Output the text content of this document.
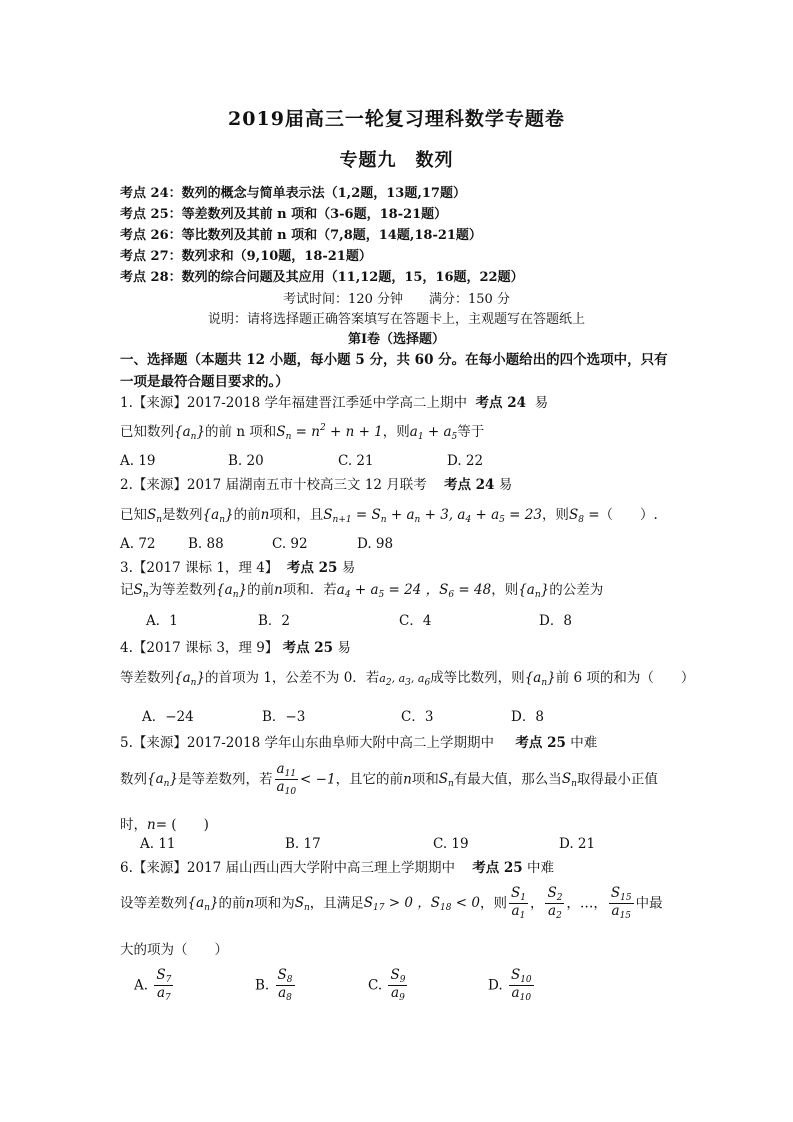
2019届高三一轮复习理科数学专题卷
专题九　数列
考点 24：数列的概念与简单表示法（1,2题，13题,17题）
考点 25：等差数列及其前 n 项和（3-6题，18-21题）
考点 26：等比数列及其前 n 项和（7,8题，14题,18-21题）
考点 27：数列求和（9,10题，18-21题）
考点 28：数列的综合问题及其应用（11,12题，15，16题，22题）
考试时间：120 分钟　　满分：150 分
说明：请将选择题正确答案填写在答题卡上，主观题写在答题纸上
第Ⅰ卷（选择题）
一、选择题（本题共 12 小题，每小题 5 分，共 60 分。在每小题给出的四个选项中，只有
一项是最符合题目要求的。）
1.【来源】2017-2018 学年福建晋江季延中学高二上期中 考点 24 易
已知数列$\{a_n\}$的前 n 项和$S_n = n^2 + n + 1$，则$a_1 + a_5$等于
A. 19	B. 20	C. 21	D. 22
2.【来源】2017 届湖南五市十校高三文 12 月联考 考点 24 易
已知$S_n$是数列$\{a_n\}$的前n项和，且$S_{n+1} = S_n + a_n + 3$, $a_4 + a_5 = 23$，则$S_8$ =（　　）.
A. 72 B. 88	C. 92	D. 98
3.【2017 课标 1，理 4】 考点 25 易
记$S_n$为等差数列$\{a_n\}$的前n项和．若$a_4 + a_5 = 24$ ，$S_6 = 48$，则$\{a_n\}$的公差为
A．1	B．2	C．4	D．8
4.【2017 课标 3，理 9】 考点 25 易
等差数列$\{a_n\}$的首项为 1，公差不为 0．若$a_2$, $a_3$, $a_6$成等比数列，则$\{a_n\}$前 6 项的和为（　　）
A．−24	B．−3	C．3	D．8
5.【来源】2017-2018 学年山东曲阜师大附中高二上学期期中 考点 25 中难
数列$\{a_n\}$是等差数列，若 $\frac{a_{11}}{a_{10}} < -1$，且它的前n项和$S_n$有最大值，那么当$S_n$取得最小正值
时，n= (　　)
A. 11	B. 17	C. 19	D. 21
6.【来源】2017 届山西山西大学附中高三理上学期期中 考点 25 中难
设等差数列$\{a_n\}$的前n项和为$S_n$，且满足$S_{17} > 0$ ，$S_{18} < 0$，则 $\frac{S_1}{a_1}$ ， $\frac{S_2}{a_2}$ ，…， $\frac{S_{15}}{a_{15}}$ 中最
大的项为（　　）
A. $\frac{S_7}{a_7}$	B. $\frac{S_8}{a_8}$	C. $\frac{S_9}{a_9}$	D. $\frac{S_{10}}{a_{10}}$
